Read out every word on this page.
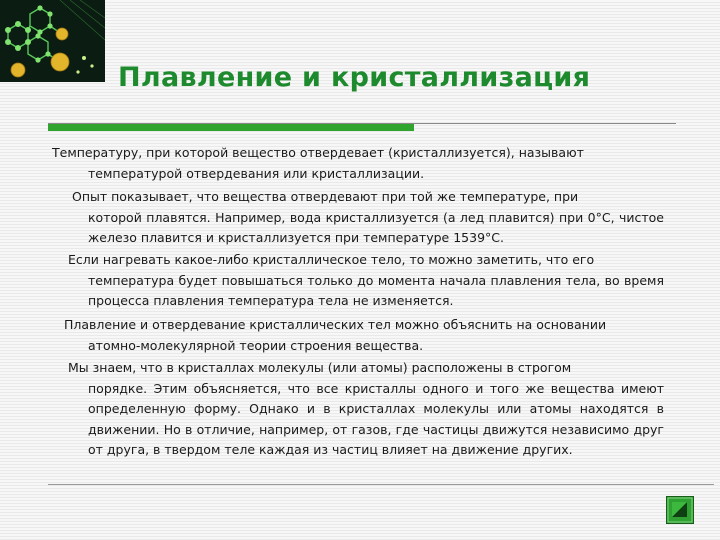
Плавление и кристаллизация

Температуру, при которой вещество отвердевает (кристаллизуется), называют

температурой отвердевания или кристаллизации.

Опыт показывает, что вещества отвердевают при той же температуре, при

которой плавятся. Например, вода кристаллизуется (а лед плавится) при 0°С, чистое железо плавится и кристаллизуется при температуре 1539°С.

Если нагревать какое-либо кристаллическое тело, то можно заметить, что его

температура будет повышаться только до момента начала плавления тела, во время процесса плавления температура тела не изменяется.

Плавление и отвердевание кристаллических тел можно объяснить на основании

атомно-молекулярной теории строения вещества.

Мы знаем, что в кристаллах молекулы (или атомы) расположены в строгом

порядке. Этим объясняется, что все кристаллы одного и того же вещества имеют определенную форму. Однако и в кристаллах молекулы или атомы находятся в движении. Но в отличие, например, от газов, где частицы движутся независимо друг от друга, в твердом теле каждая из частиц влияет на движение других.
